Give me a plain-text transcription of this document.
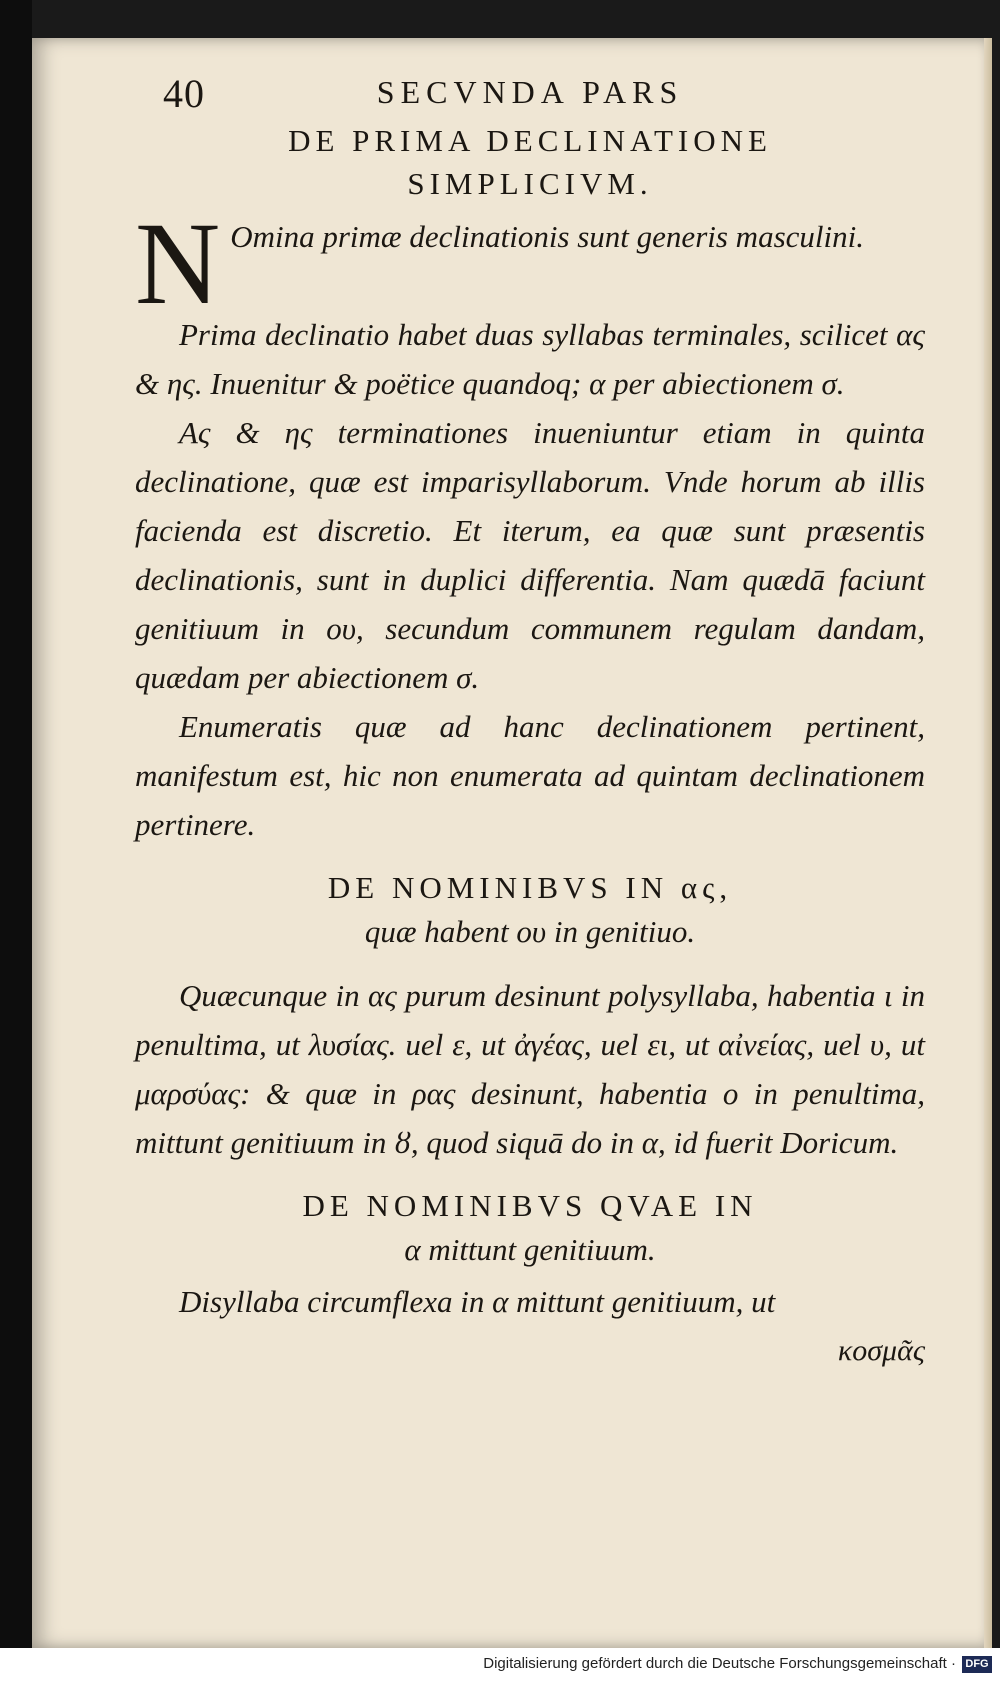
40	SECVNDA PARS

DE PRIMA DECLINATIONE

SIMPLICIVM.

N Omina primæ declinationis sunt generis masculini.

Prima declinatio habet duas syllabas terminales, scilicet ας & ης. Inuenitur & poëtice quandoq; α per abiectionem σ.

Ας & ης terminationes inueniuntur etiam in quinta declinatione, quæ est imparisyllaborum. Vnde horum ab illis facienda est discretio. Et iterum, ea quæ sunt præsentis declinationis, sunt in duplici differentia. Nam quædā faciunt genitiuum in ου, secundum communem regulam dandam, quædam per abiectionem σ.

Enumeratis quæ ad hanc declinationem pertinent, manifestum est, hic non enumerata ad quintam declinationem pertinere.

DE NOMINIBVS IN ας,

quæ habent ου in genitiuo.

Quæcunque in ας purum desinunt polysyllaba, habentia ι in penultima, ut λυσίας. uel ε, ut ἀγέας, uel ει, ut αἰνείας, uel υ, ut μαρσύας: & quæ in ρας desinunt, habentia ο in penultima, mittunt genitiuum in ȣ, quod siquā do in α, id fuerit Doricum.

DE NOMINIBVS QVAE IN

α mittunt genitiuum.

Disyllaba circumflexa in α mittunt genitiuum, ut

κοσμᾶς
Digitalisierung gefördert durch die Deutsche Forschungsgemeinschaft · DFG
